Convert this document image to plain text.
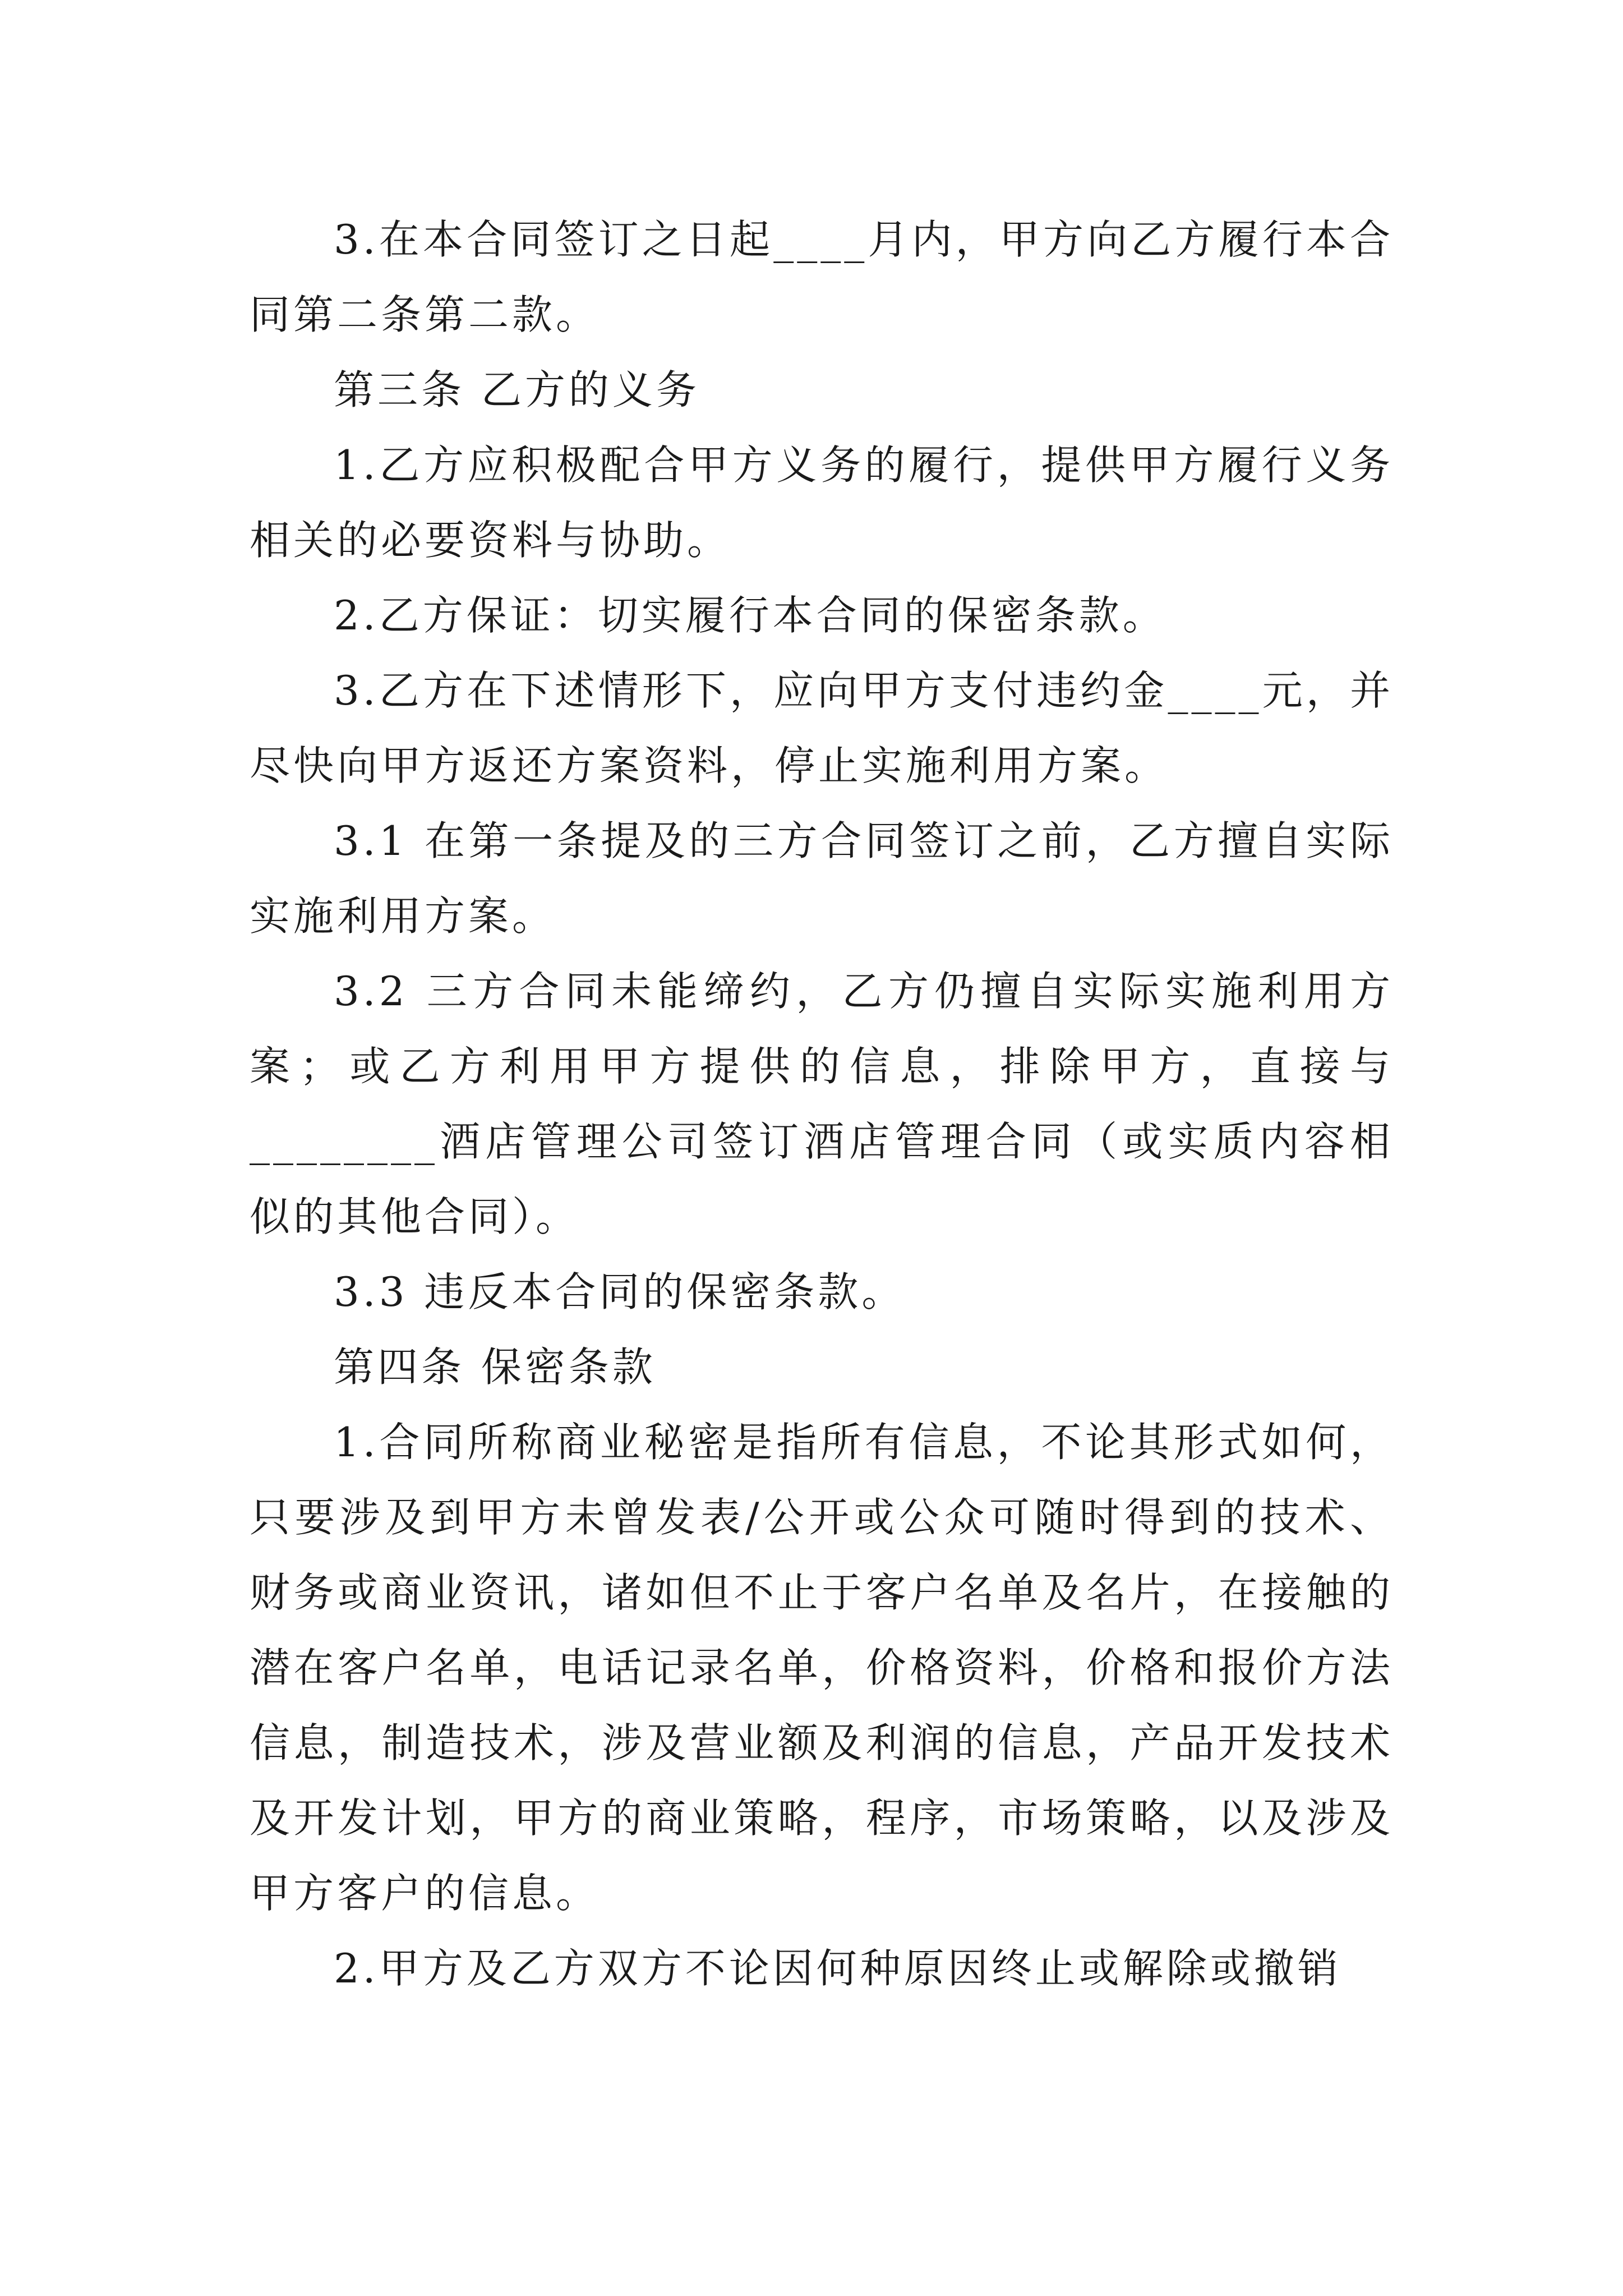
3.在本合同签订之日起____月内，甲方向乙方履行本合同第二条第二款。

第三条 乙方的义务

1.乙方应积极配合甲方义务的履行，提供甲方履行义务相关的必要资料与协助。

2.乙方保证：切实履行本合同的保密条款。

3.乙方在下述情形下，应向甲方支付违约金____元，并尽快向甲方返还方案资料，停止实施利用方案。

3.1 在第一条提及的三方合同签订之前，乙方擅自实际实施利用方案。

3.2 三方合同未能缔约，乙方仍擅自实际实施利用方案；或乙方利用甲方提供的信息，排除甲方，直接与________酒店管理公司签订酒店管理合同（或实质内容相似的其他合同）。

3.3 违反本合同的保密条款。

第四条 保密条款

1.合同所称商业秘密是指所有信息，不论其形式如何，只要涉及到甲方未曾发表/公开或公众可随时得到的技术、财务或商业资讯，诸如但不止于客户名单及名片，在接触的潜在客户名单，电话记录名单，价格资料，价格和报价方法信息，制造技术，涉及营业额及利润的信息，产品开发技术及开发计划，甲方的商业策略，程序，市场策略，以及涉及甲方客户的信息。

2.甲方及乙方双方不论因何种原因终止或解除或撤销
